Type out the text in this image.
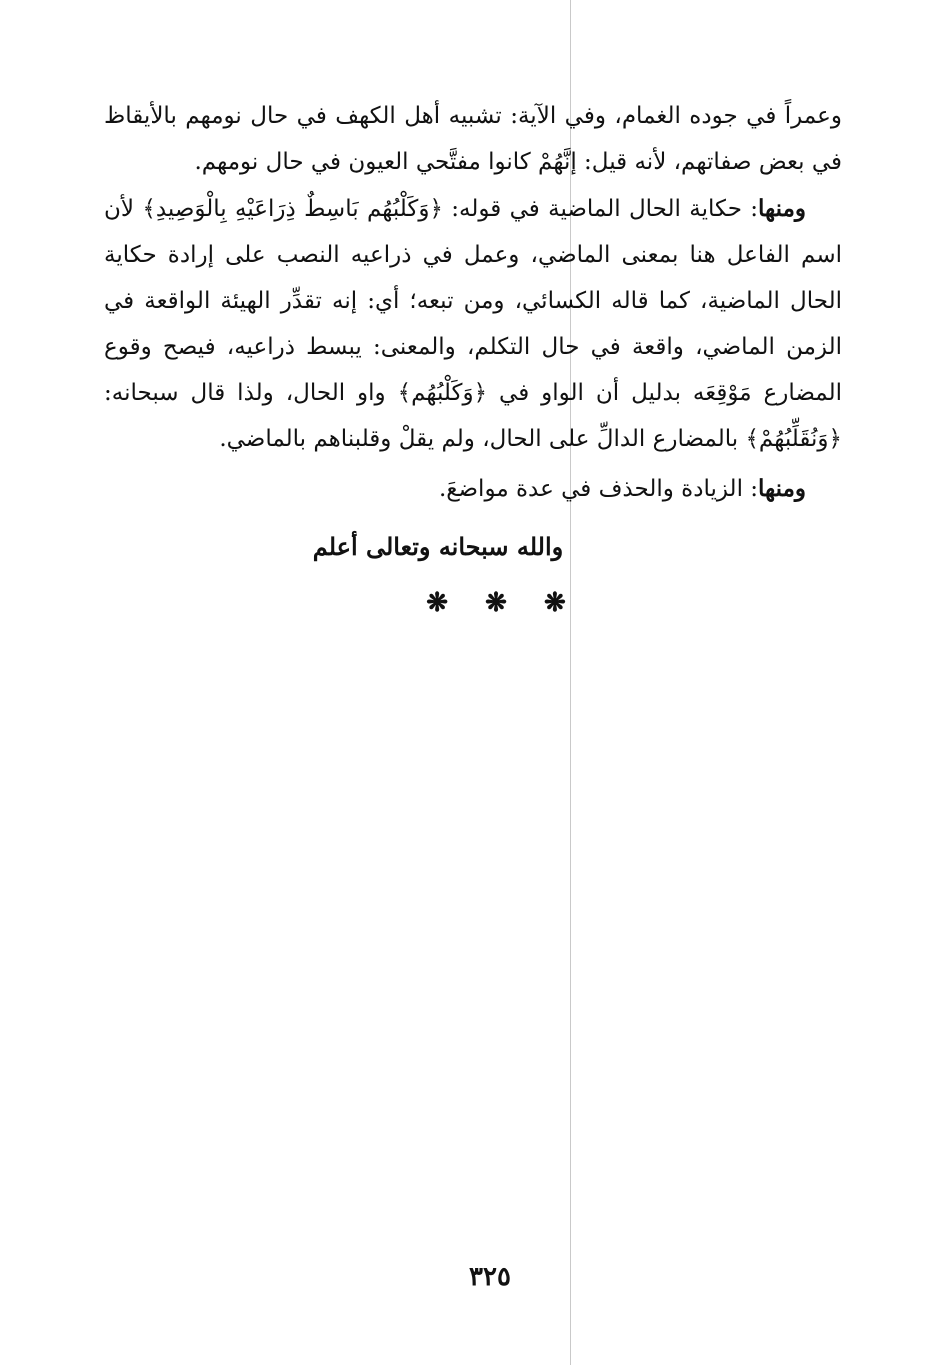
وعمراً في جوده الغمام، وفي الآية: تشبيه أهل الكهف في حال نومهم بالأيقاظ في بعض صفاتهم، لأنه قيل: إنَّهُمْ كانوا مفتَّحي العيون في حال نومهم.

ومنها: حكاية الحال الماضية في قوله: ﴿وَكَلْبُهُم بَاسِطٌ ذِرَاعَيْهِ بِالْوَصِيدِ﴾ لأن اسم الفاعل هنا بمعنى الماضي، وعمل في ذراعيه النصب على إرادة حكاية الحال الماضية، كما قاله الكسائي، ومن تبعه؛ أي: إنه تقدِّر الهيئة الواقعة في الزمن الماضي، واقعة في حال التكلم، والمعنى: يبسط ذراعيه، فيصح وقوع المضارع مَوْقِعَه بدليل أن الواو في ﴿وَكَلْبُهُم﴾ واو الحال، ولذا قال سبحانه: ﴿وَنُقَلِّبُهُمْ﴾ بالمضارع الدالِّ على الحال، ولم يقلْ وقلبناهم بالماضي.

ومنها: الزيادة والحذف في عدة مواضعَ.

والله سبحانه وتعالى أعلم
❋ ❋ ❋
٣٢٥
